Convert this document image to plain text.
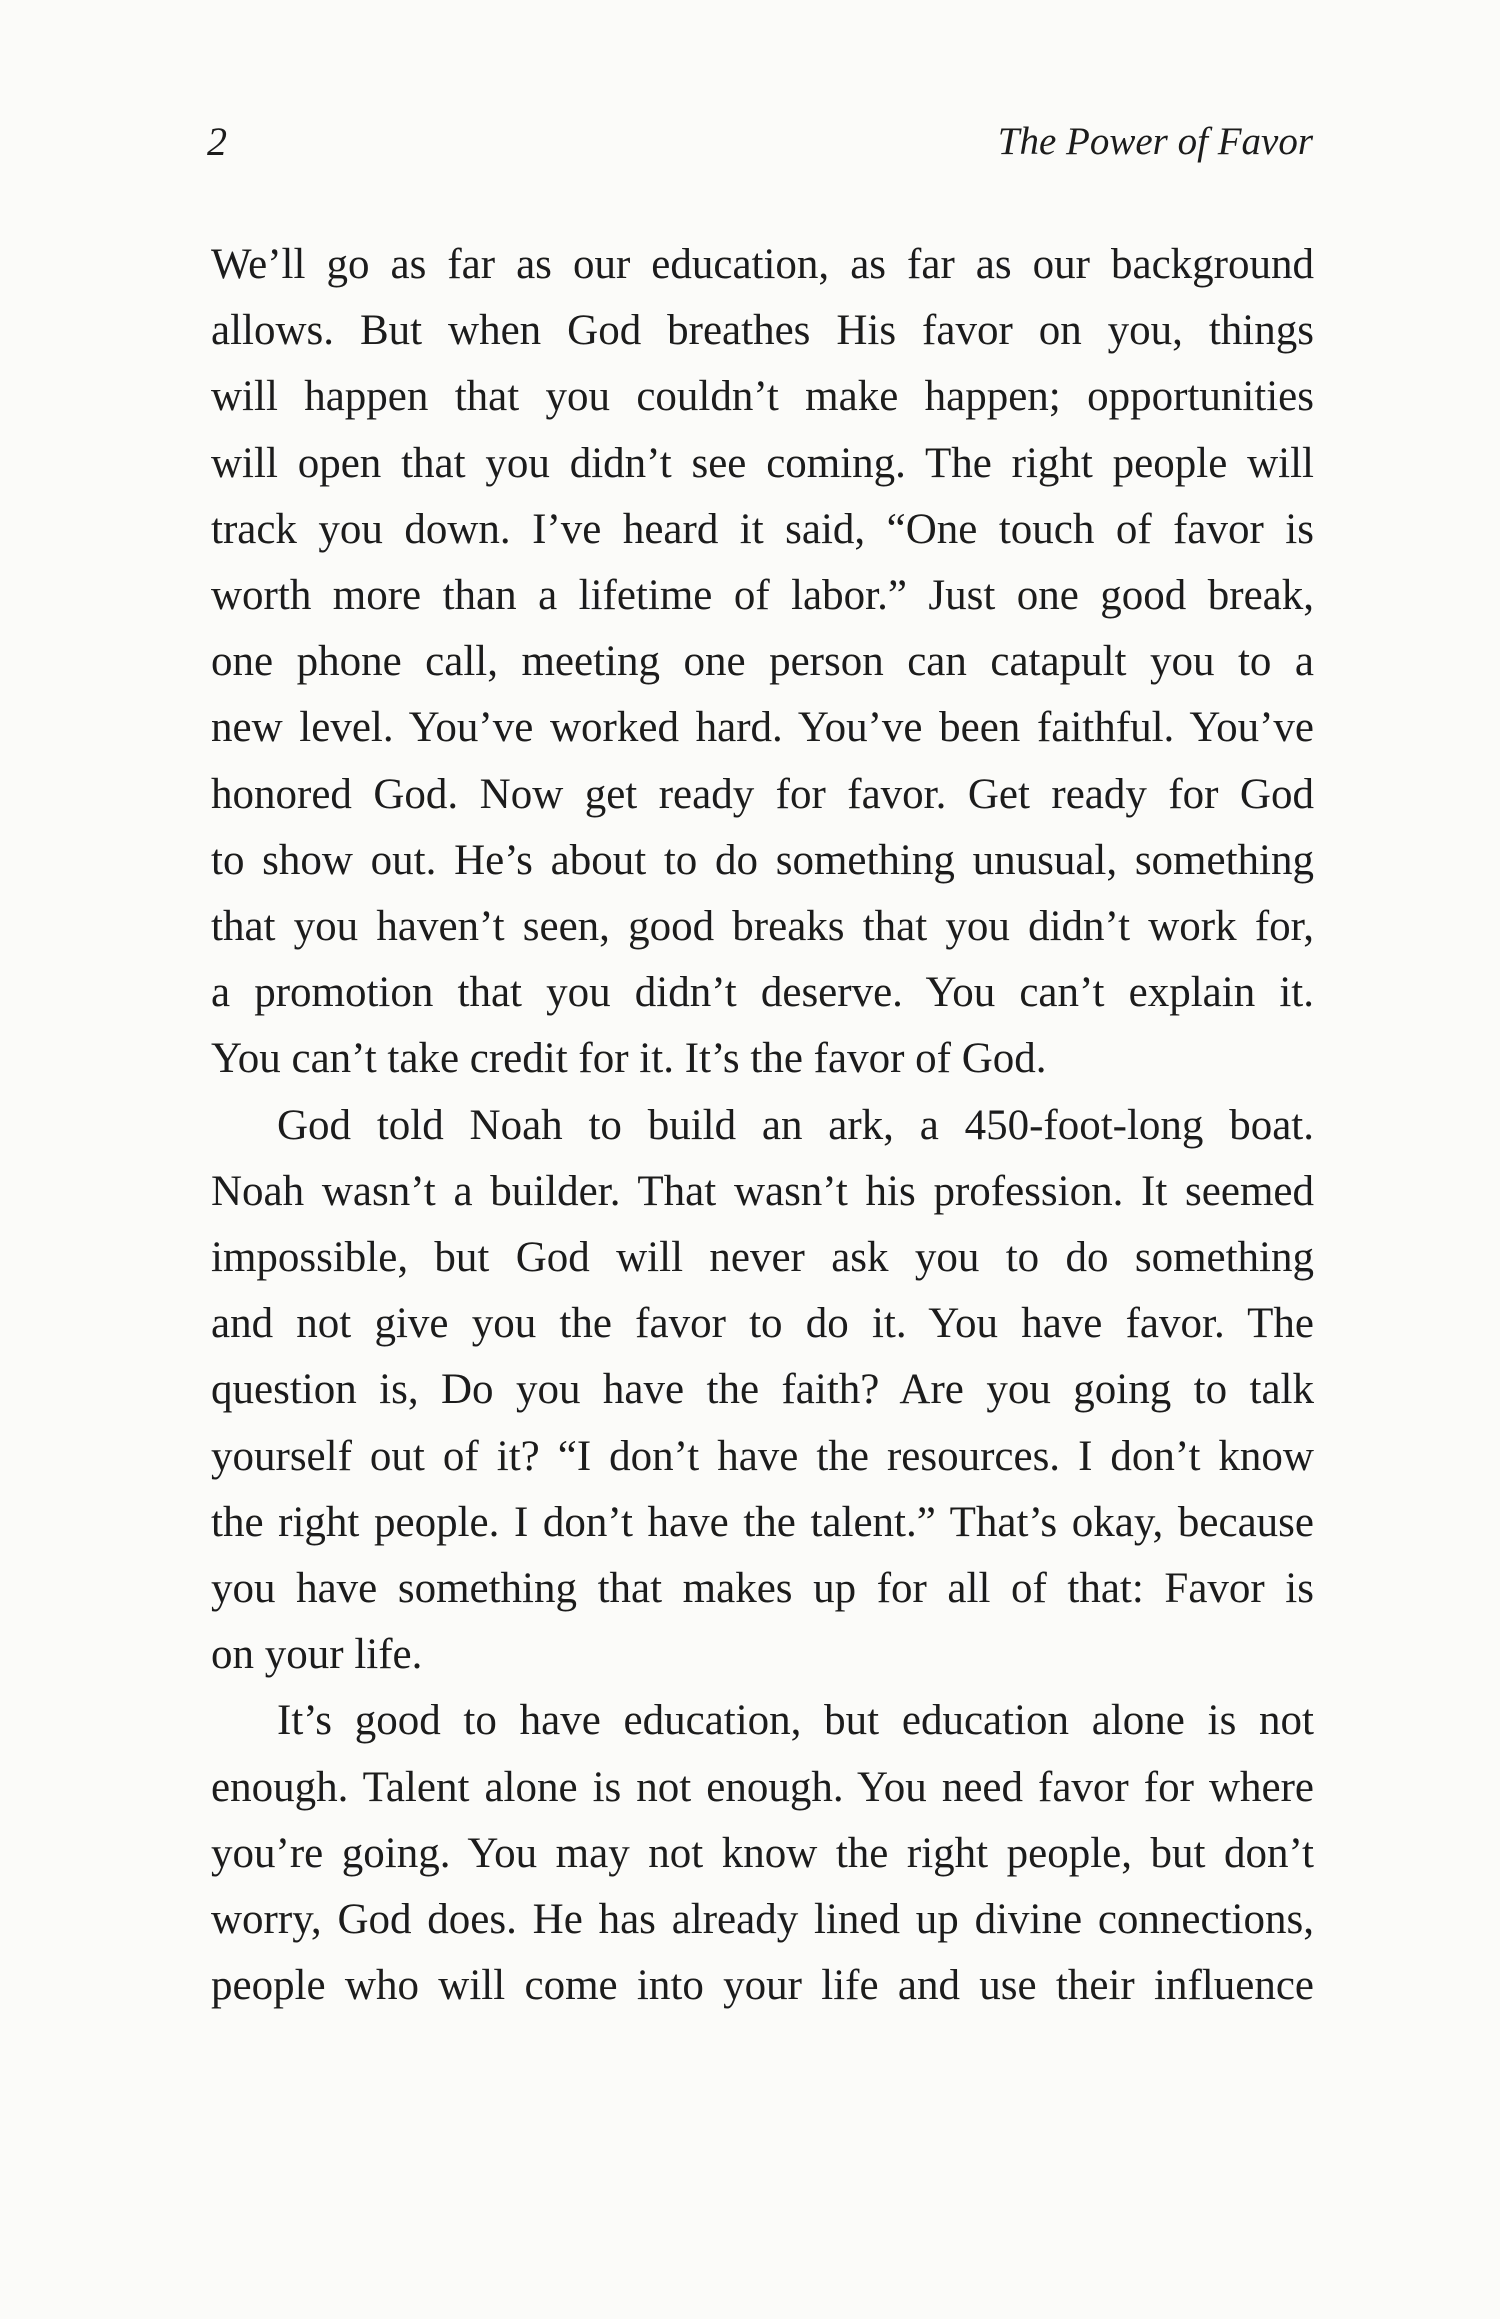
2	The Power of Favor

We’ll go as far as our education, as far as our background
allows. But when God breathes His favor on you, things
will happen that you couldn’t make happen; opportunities
will open that you didn’t see coming. The right people will
track you down. I’ve heard it said, “One touch of favor is
worth more than a lifetime of labor.” Just one good break,
one phone call, meeting one person can catapult you to a
new level. You’ve worked hard. You’ve been faithful. You’ve
honored God. Now get ready for favor. Get ready for God
to show out. He’s about to do something unusual, something
that you haven’t seen, good breaks that you didn’t work for,
a promotion that you didn’t deserve. You can’t explain it.
You can’t take credit for it. It’s the favor of God.

God told Noah to build an ark, a 450-foot-long boat.
Noah wasn’t a builder. That wasn’t his profession. It seemed
impossible, but God will never ask you to do something
and not give you the favor to do it. You have favor. The
question is, Do you have the faith? Are you going to talk
yourself out of it? “I don’t have the resources. I don’t know
the right people. I don’t have the talent.” That’s okay, because
you have something that makes up for all of that: Favor is
on your life.

It’s good to have education, but education alone is not
enough. Talent alone is not enough. You need favor for where
you’re going. You may not know the right people, but don’t
worry, God does. He has already lined up divine connections,
people who will come into your life and use their influence
